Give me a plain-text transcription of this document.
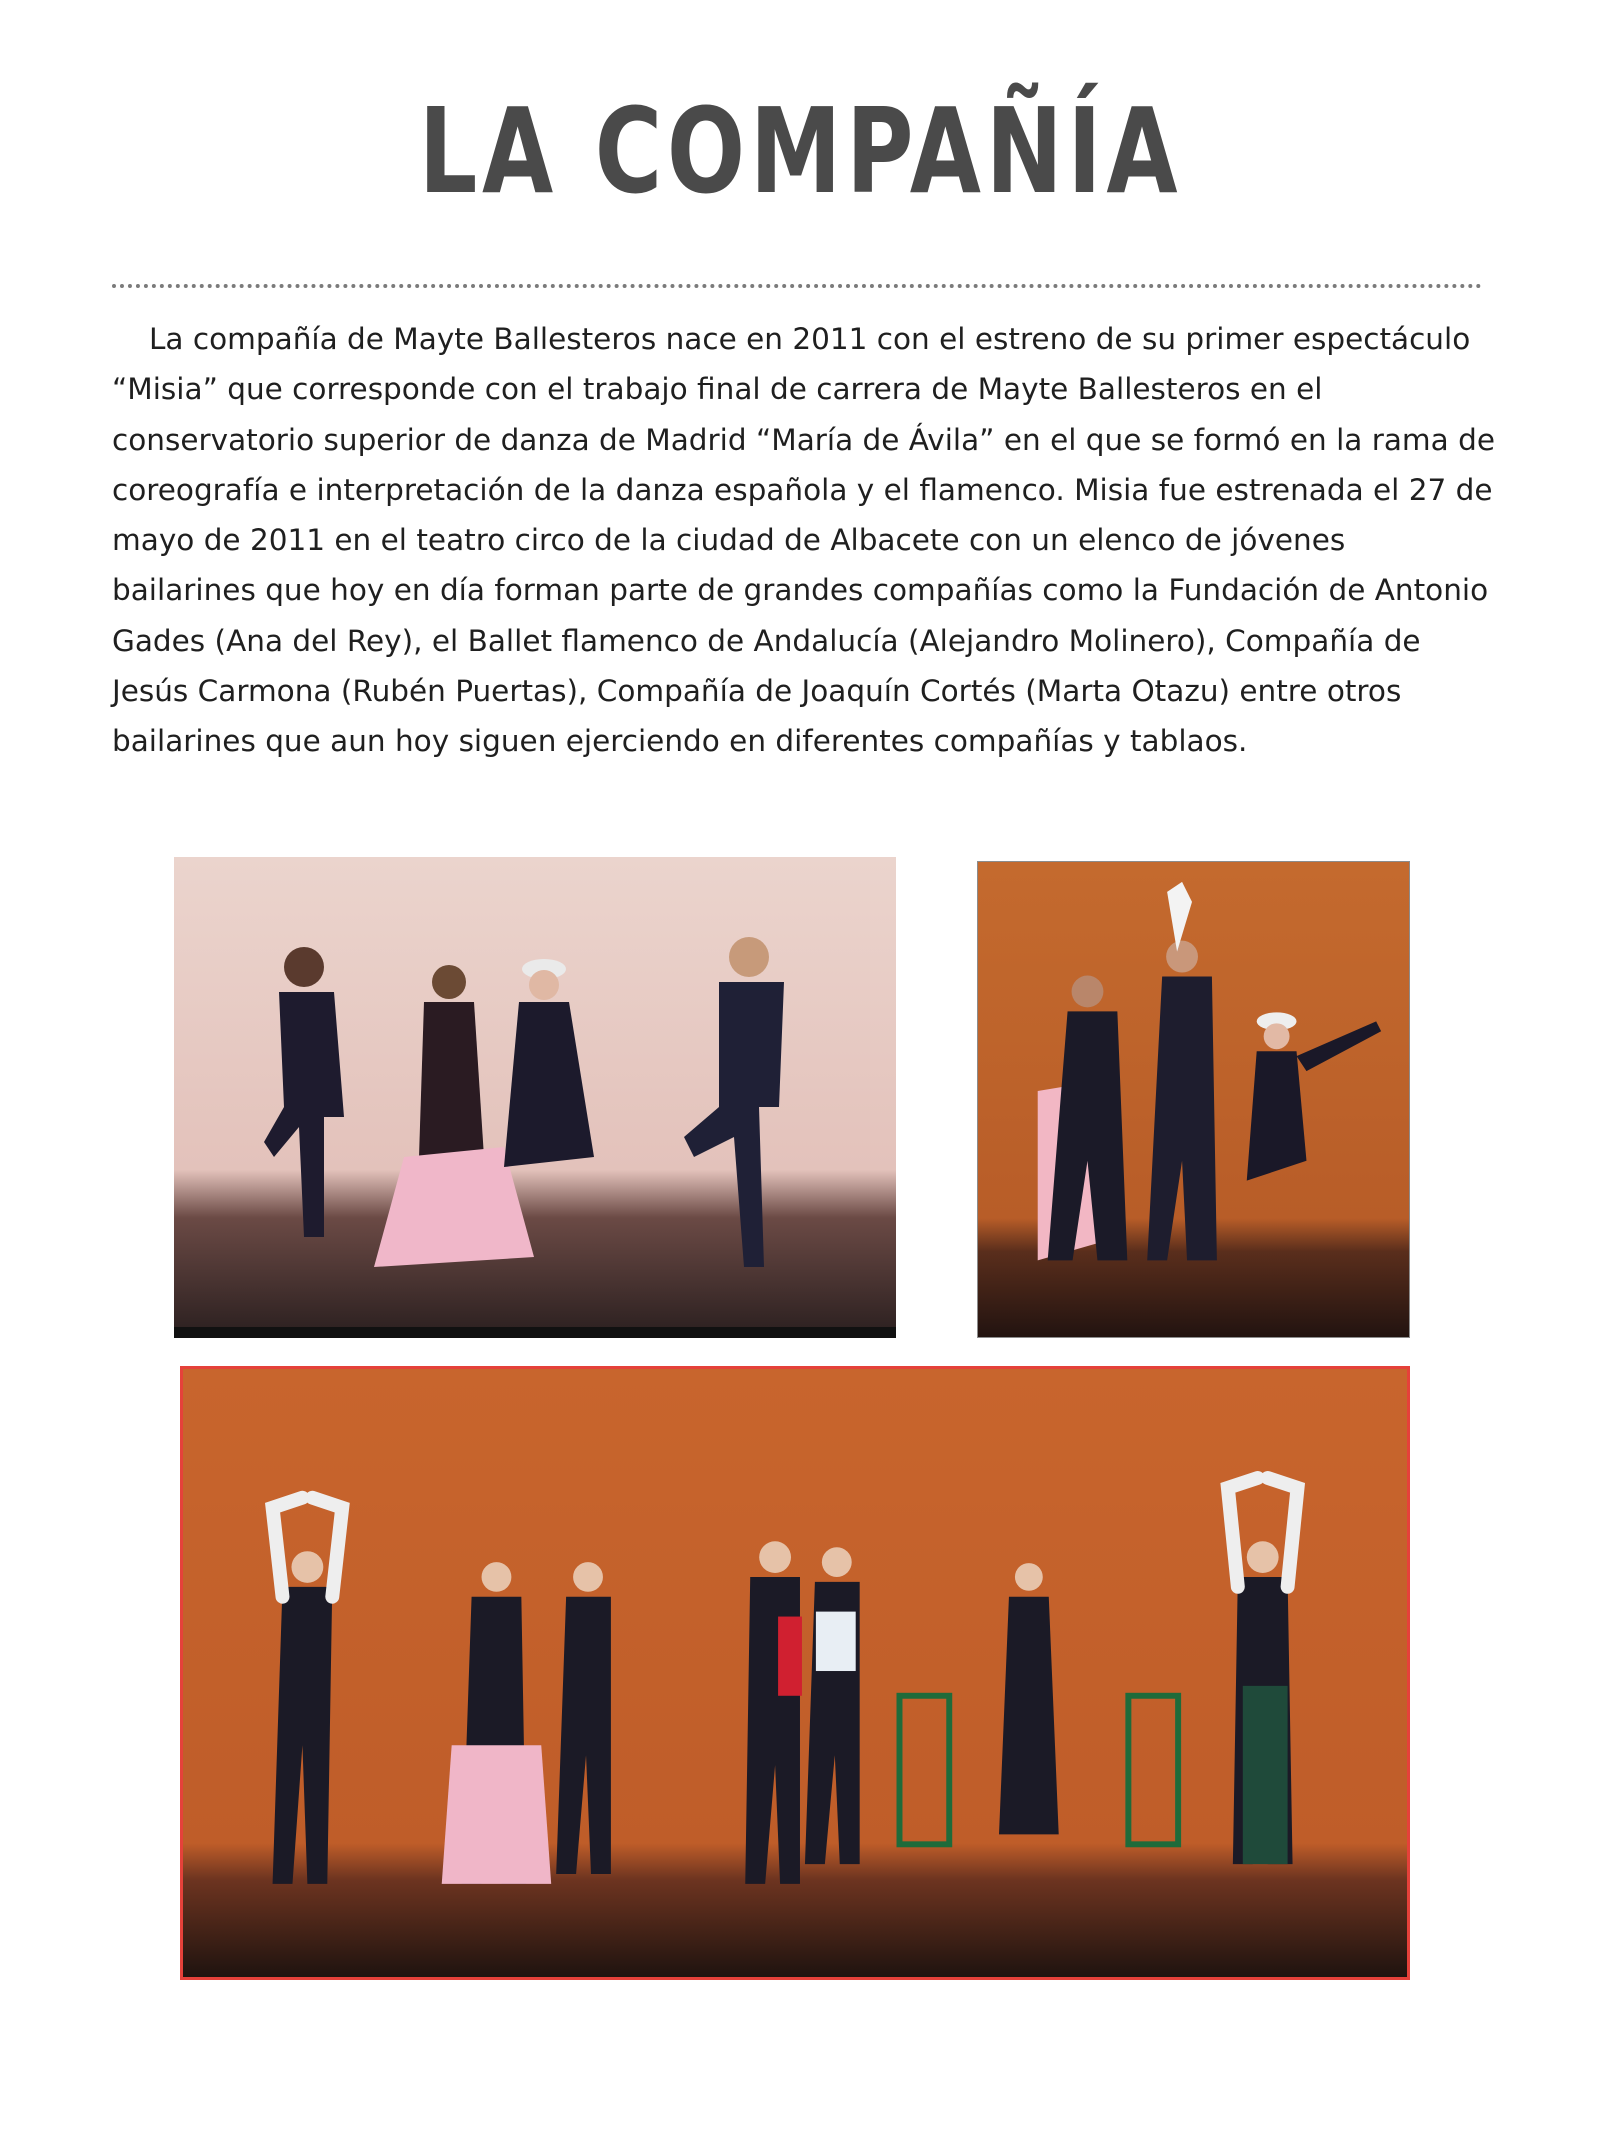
LA COMPAÑÍA

La compañía de Mayte Ballesteros nace en 2011 con el estreno de su primer espectáculo “Misia” que corresponde con el trabajo final de carrera de Mayte Ballesteros en el conservatorio superior de danza de Madrid “María de Ávila” en el que se formó en la rama de coreografía e interpretación de la danza española y el flamenco. Misia fue estrenada el 27 de mayo de 2011 en el teatro circo de la ciudad de Albacete con un elenco de jóvenes bailarines que hoy en día forman parte de grandes compañías como la Fundación de Antonio Gades (Ana del Rey), el Ballet flamenco de Andalucía (Alejandro Molinero), Compañía de Jesús Carmona (Rubén Puertas), Compañía de Joaquín Cortés (Marta Otazu) entre otros bailarines que aun hoy siguen ejerciendo en diferentes compañías y tablaos.
